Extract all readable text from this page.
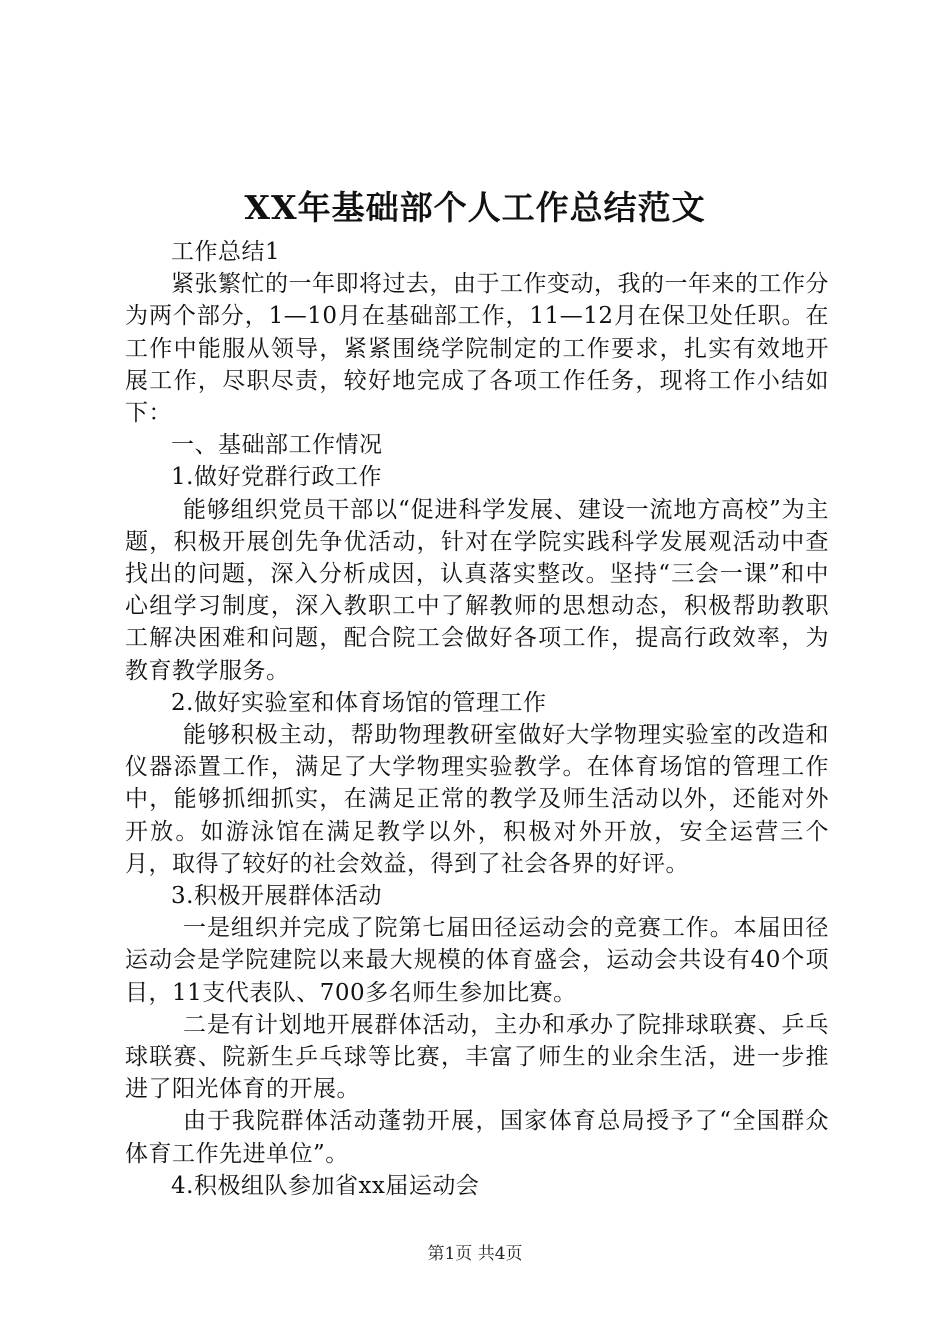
XX年基础部个人工作总结范文

工作总结1

紧张繁忙的一年即将过去，由于工作变动，我的一年来的工作分为两个部分，1—10月在基础部工作，11—12月在保卫处任职。在工作中能服从领导，紧紧围绕学院制定的工作要求，扎实有效地开展工作，尽职尽责，较好地完成了各项工作任务，现将工作小结如下：

一、基础部工作情况

1.做好党群行政工作

能够组织党员干部以“促进科学发展、建设一流地方高校”为主题，积极开展创先争优活动，针对在学院实践科学发展观活动中查找出的问题，深入分析成因，认真落实整改。坚持“三会一课”和中心组学习制度，深入教职工中了解教师的思想动态，积极帮助教职工解决困难和问题，配合院工会做好各项工作，提高行政效率，为教育教学服务。

2.做好实验室和体育场馆的管理工作

能够积极主动，帮助物理教研室做好大学物理实验室的改造和仪器添置工作，满足了大学物理实验教学。在体育场馆的管理工作中，能够抓细抓实，在满足正常的教学及师生活动以外，还能对外开放。如游泳馆在满足教学以外，积极对外开放，安全运营三个月，取得了较好的社会效益，得到了社会各界的好评。

3.积极开展群体活动

一是组织并完成了院第七届田径运动会的竞赛工作。本届田径运动会是学院建院以来最大规模的体育盛会，运动会共设有40个项目，11支代表队、700多名师生参加比赛。

二是有计划地开展群体活动，主办和承办了院排球联赛、乒乓球联赛、院新生乒乓球等比赛，丰富了师生的业余生活，进一步推进了阳光体育的开展。

由于我院群体活动蓬勃开展，国家体育总局授予了“全国群众体育工作先进单位”。

4.积极组队参加省xx届运动会

第1页 共4页
